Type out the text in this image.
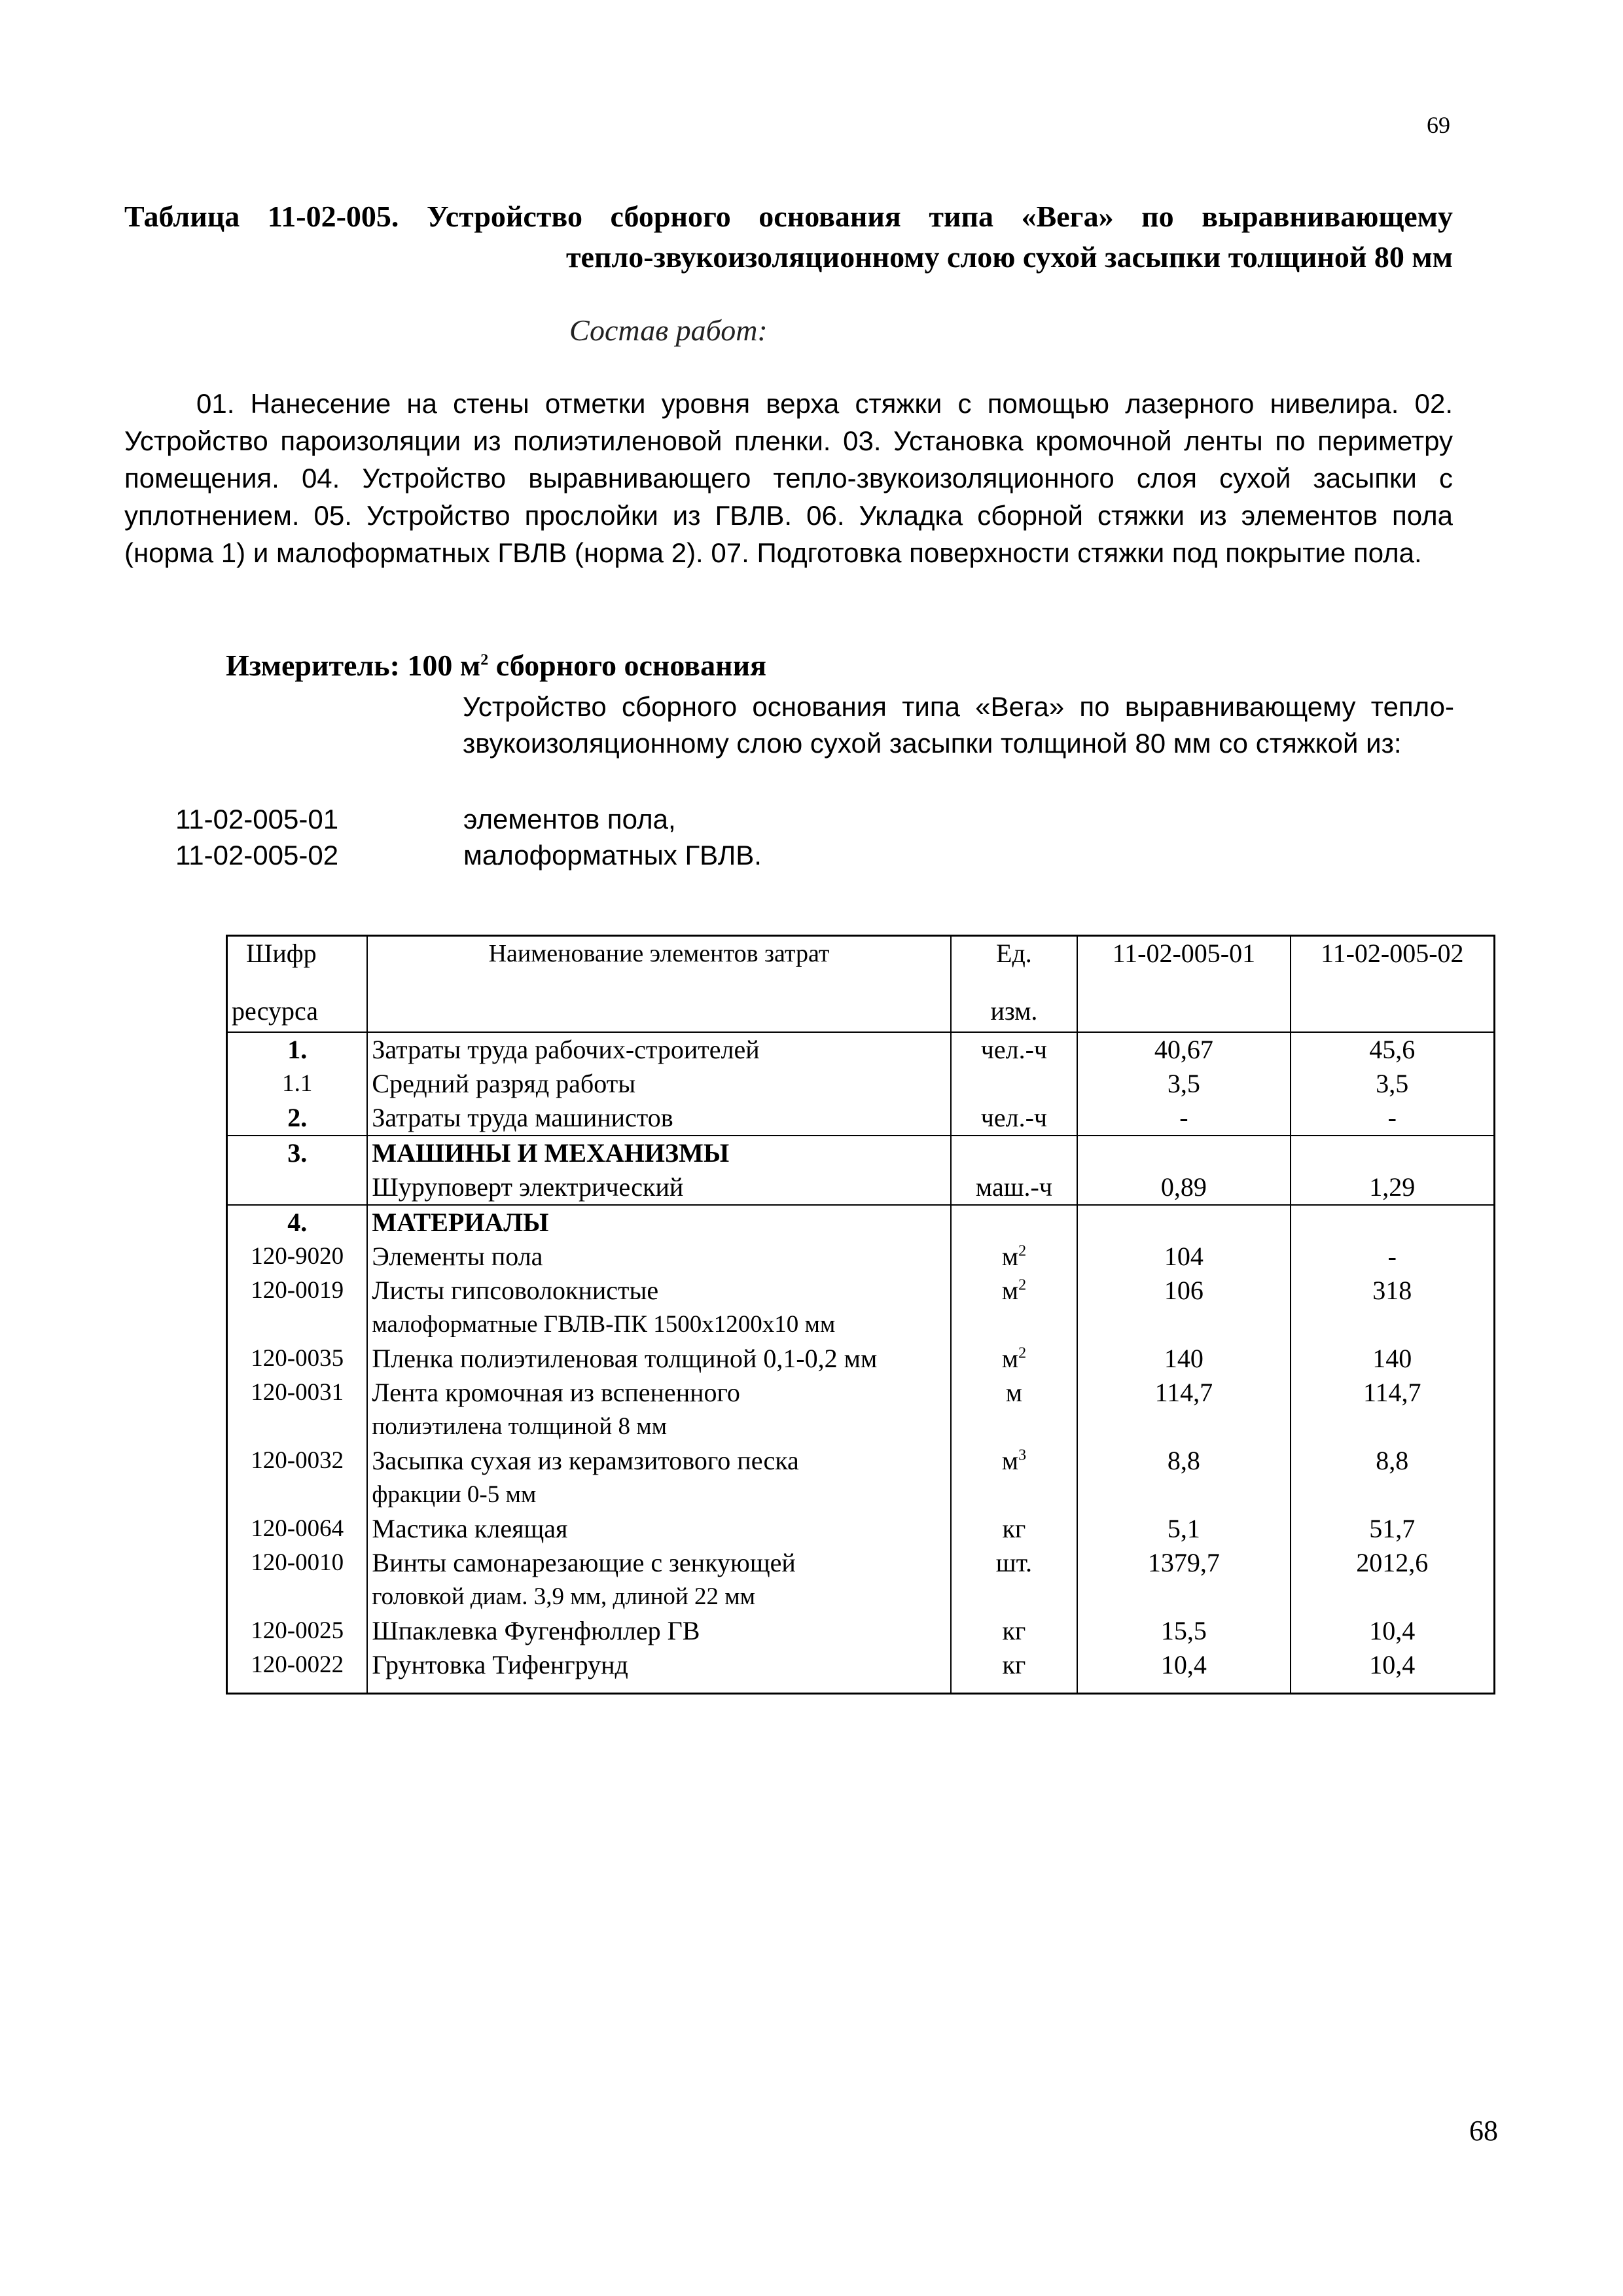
69
Таблица 11-02-005. Устройство сборного основания типа «Вега» по выравнивающему
тепло-звукоизоляционному слою сухой засыпки толщиной 80 мм
Состав работ:
01. Нанесение на стены отметки уровня верха стяжки с помощью лазерного нивелира. 02. Устройство пароизоляции из полиэтиленовой пленки. 03. Установка кромочной ленты по периметру помещения. 04. Устройство выравнивающего тепло-звукоизоляционного слоя сухой засыпки с уплотнением. 05. Устройство прослойки из ГВЛВ. 06. Укладка сборной стяжки из элементов пола (норма 1) и малоформатных ГВЛВ (норма 2). 07. Подготовка поверхности стяжки под покрытие пола.
Измеритель: 100 $м^2$ сборного основания
Устройство сборного основания типа «Вега» по выравнивающему тепло-звукоизоляционному слою сухой засыпки толщиной 80 мм со стяжкой из:
11-02-005-01	элементов пола,
11-02-005-02	малоформатных ГВЛВ.
Шифр
ресурса	Наименование элементов затрат	Ед.
изм.	11-02-005-01	11-02-005-02
1.	Затраты труда рабочих-строителей	чел.-ч	40,67	45,6
1.1	Средний разряд работы		3,5	3,5
2.	Затраты труда машинистов	чел.-ч	-	-
3.	МАШИНЫ И МЕХАНИЗМЫ			

	Шуруповерт электрический	маш.-ч	0,89	1,29
4.	МАТЕРИАЛЫ			

120-9020	Элементы пола	$м^2$	104	-
120-0019	Листы гипсоволокнистые
малоформатные ГВЛВ-ПК 1500х1200х10 мм	$м^2$	106	318
120-0035	Пленка полиэтиленовая толщиной 0,1-0,2 мм	$м^2$	140	140
120-0031	Лента кромочная из вспененного
полиэтилена толщиной 8 мм	м	114,7	114,7
120-0032	Засыпка сухая из керамзитового песка
фракции 0-5 мм	$м^3$	8,8	8,8
120-0064	Мастика клеящая	кг	5,1	51,7
120-0010	Винты самонарезающие с зенкующей
головкой диам. 3,9 мм, длиной 22 мм	шт.	1379,7	2012,6
120-0025	Шпаклевка Фугенфюллер ГВ	кг	15,5	10,4
120-0022	Грунтовка Тифенгрунд	кг	10,4	10,4

68
